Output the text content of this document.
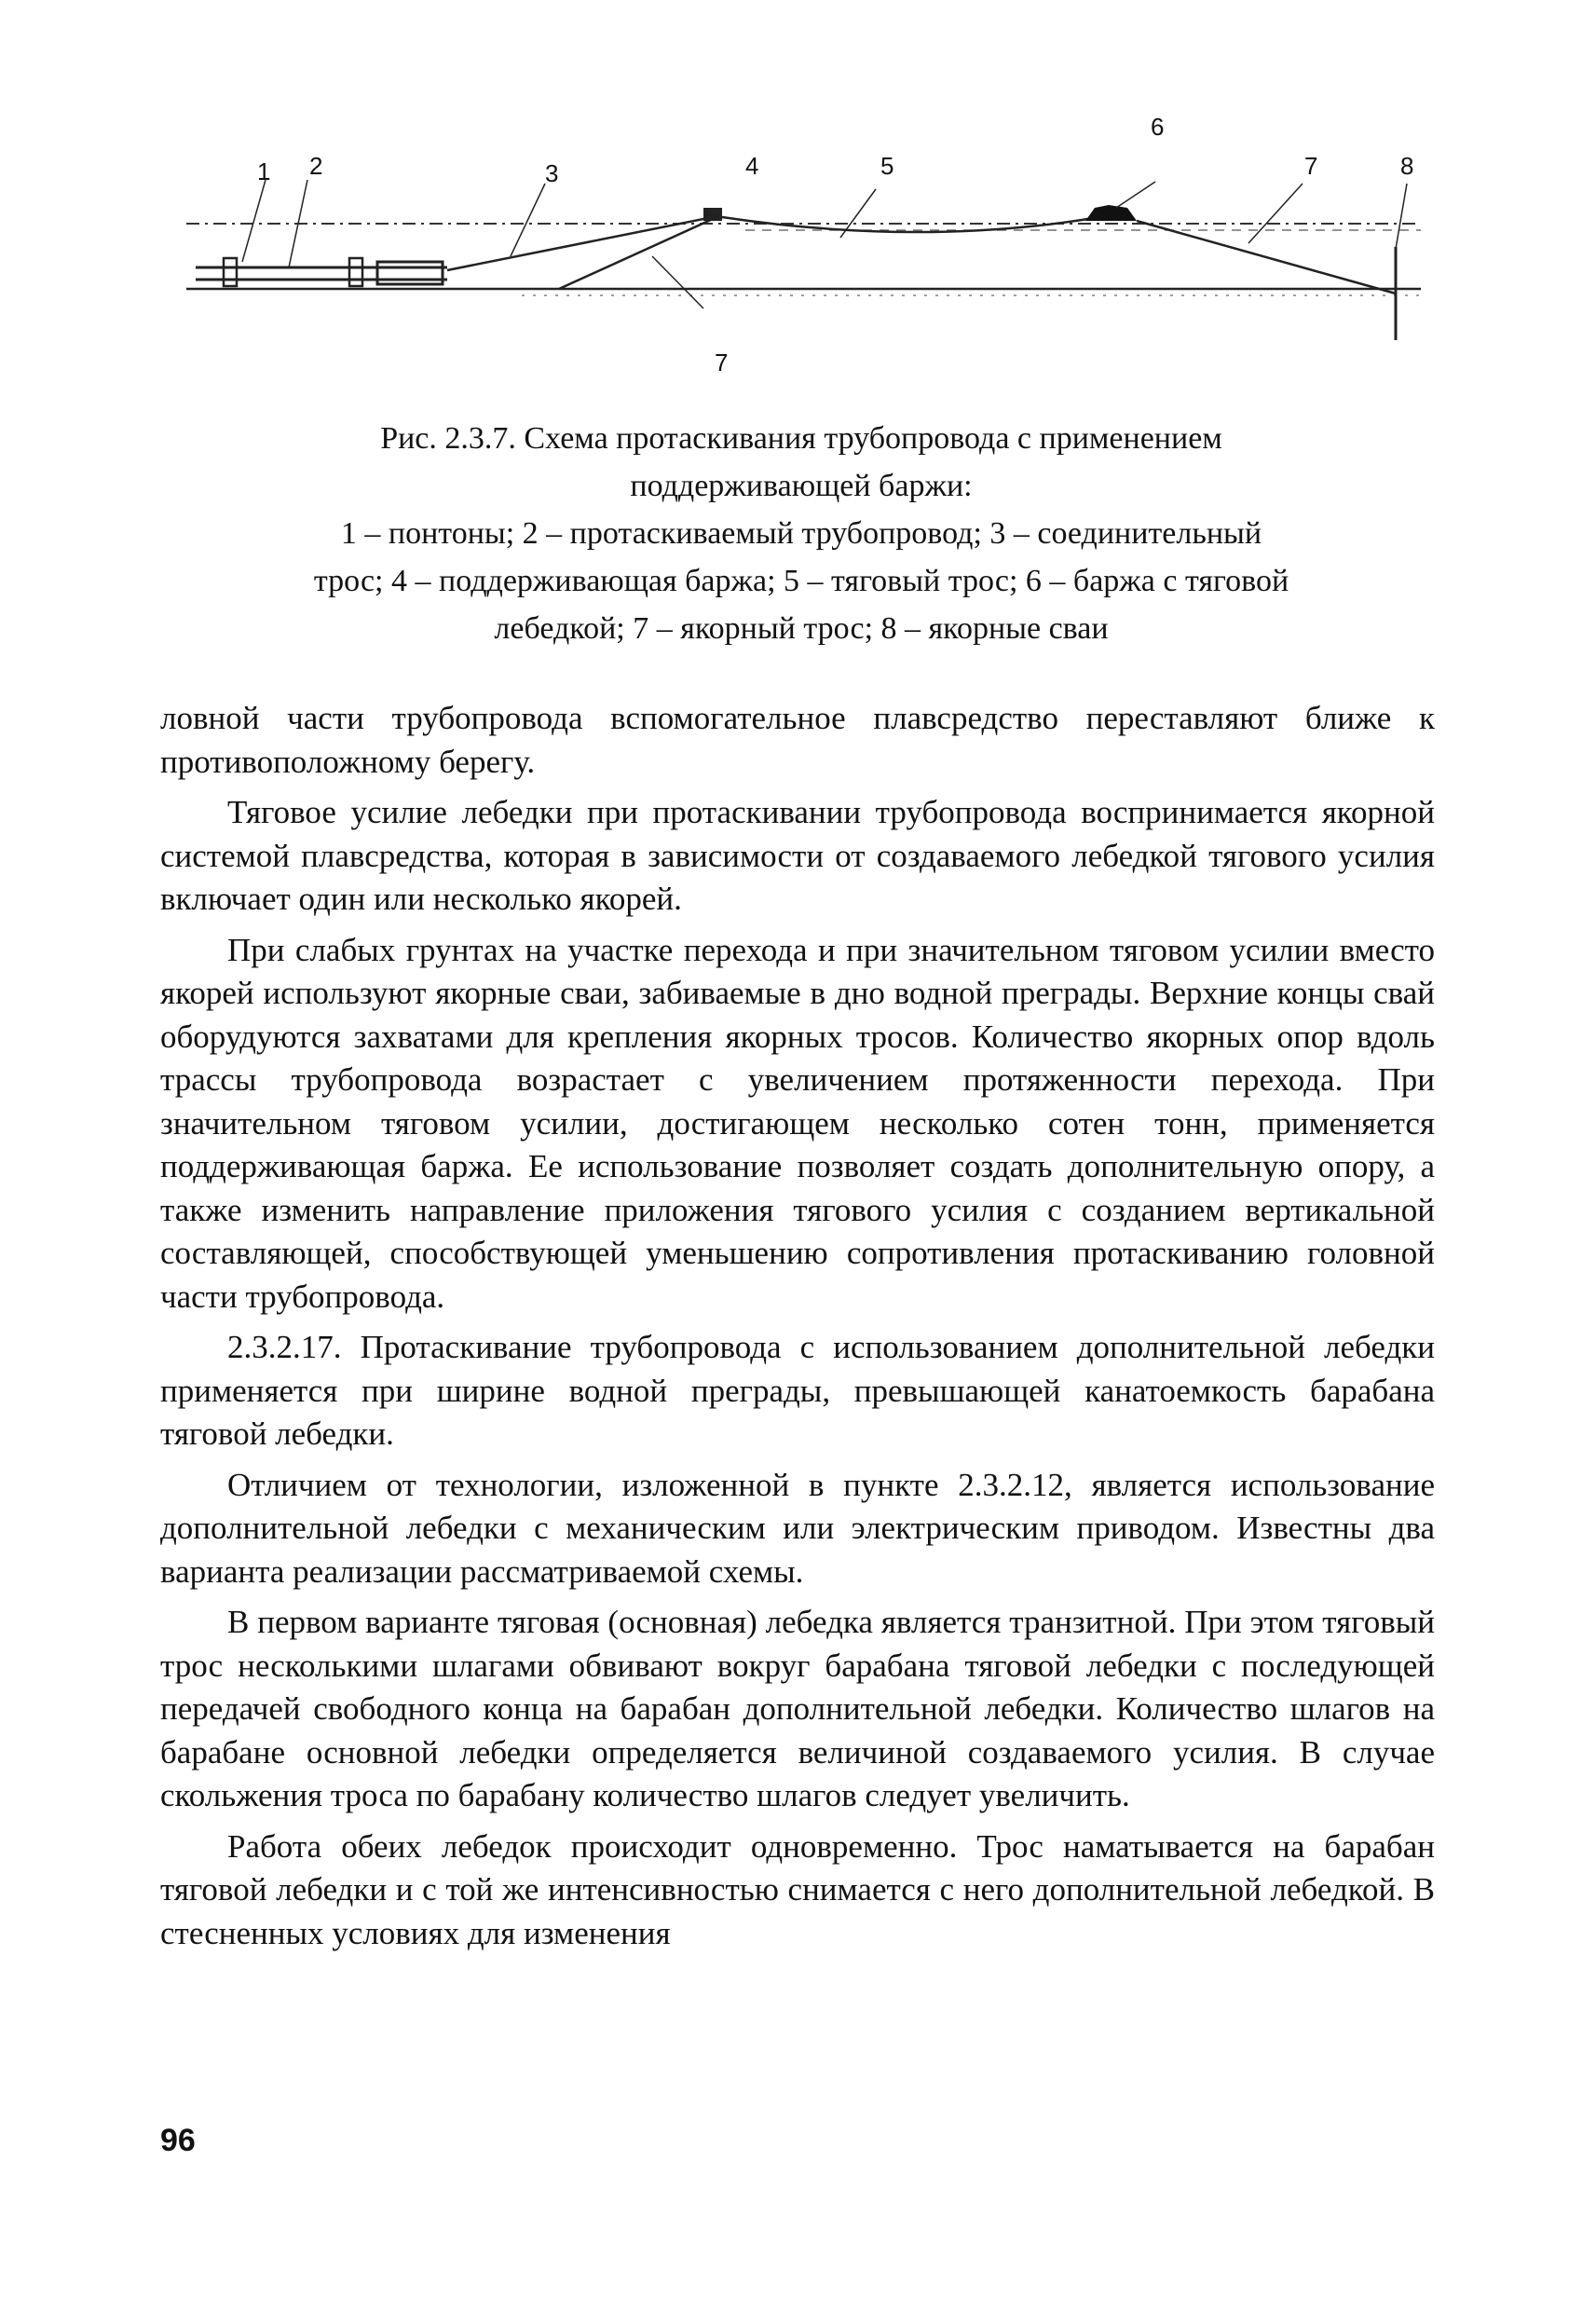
1 2	3	4	5
6
7	8
7
Рис. 2.3.7. Схема протаскивания трубопровода с применением
поддерживающей баржи:
1 – понтоны; 2 – протаскиваемый трубопровод; 3 – соединительный
трос; 4 – поддерживающая баржа; 5 – тяговый трос; 6 – баржа с тяговой
лебедкой; 7 – якорный трос; 8 – якорные сваи

ловной части трубопровода вспомогательное плавсредство переставляют ближе к противоположному берегу.

Тяговое усилие лебедки при протаскивании трубопровода воспринимается якорной системой плавсредства, которая в зависимости от создаваемого лебедкой тягового усилия включает один или несколько якорей.

При слабых грунтах на участке перехода и при значительном тяговом усилии вместо якорей используют якорные сваи, забиваемые в дно водной преграды. Верхние концы свай оборудуются захватами для крепления якорных тросов. Количество якорных опор вдоль трассы трубопровода возрастает с увеличением протяженности перехода. При значительном тяговом усилии, достигающем несколько сотен тонн, применяется поддерживающая баржа. Ее использование позволяет создать дополнительную опору, а также изменить направление приложения тягового усилия с созданием вертикальной составляющей, способствующей уменьшению сопротивления протаскиванию головной части трубопровода.

2.3.2.17. Протаскивание трубопровода с использованием дополнительной лебедки применяется при ширине водной преграды, превышающей канатоемкость барабана тяговой лебедки.

Отличием от технологии, изложенной в пункте 2.3.2.12, является использование дополнительной лебедки с механическим или электрическим приводом. Известны два варианта реализации рассматриваемой схемы.

В первом варианте тяговая (основная) лебедка является транзитной. При этом тяговый трос несколькими шлагами обвивают вокруг барабана тяговой лебедки с последующей передачей свободного конца на барабан дополнительной лебедки. Количество шлагов на барабане основной лебедки определяется величиной создаваемого усилия. В случае скольжения троса по барабану количество шлагов следует увеличить.

Работа обеих лебедок происходит одновременно. Трос наматывается на барабан тяговой лебедки и с той же интенсивностью снимается с него дополнительной лебедкой. В стесненных условиях для изменения

96
